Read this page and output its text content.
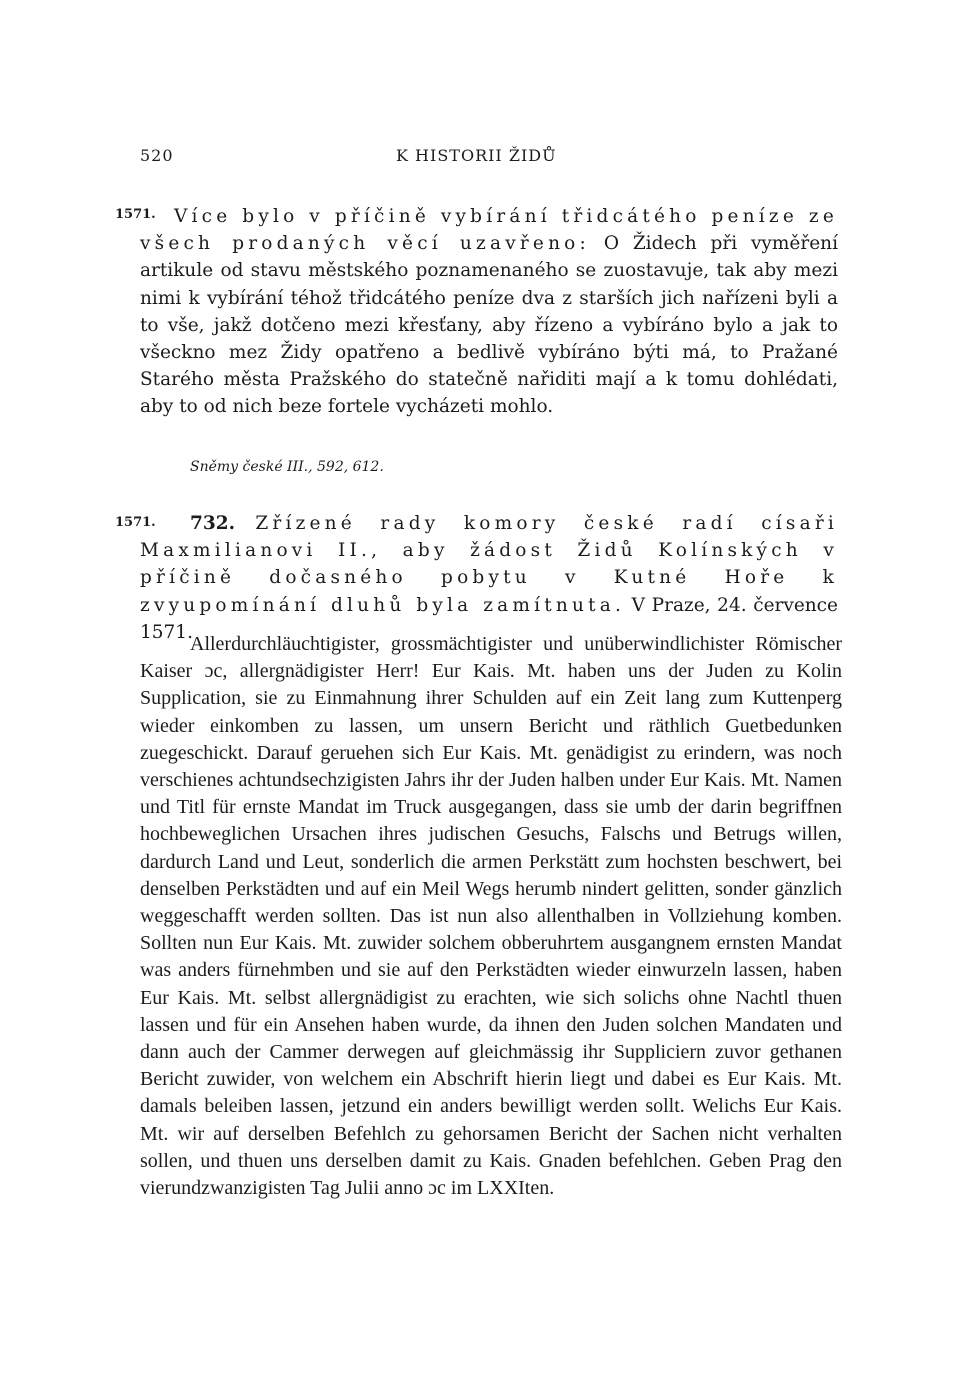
520	K HISTORII ŽIDŮ
1571. Více bylo v příčině vybírání třidcátého peníze ze všech prodaných věcí uzavřeno: O Židech při vyměření artikule od stavu městského poznamenaného se zuostavuje, tak aby mezi nimi k vybírání téhož třidcátého peníze dva z starších jich nařízeni byli a to vše, jakž dotčeno mezi křesťany, aby řízeno a vybíráno bylo a jak to všeckno mez Židy opatřeno a bedlivě vybíráno býti má, to Pražané Starého města Pražského do statečně nařiditi mají a k tomu dohlédati, aby to od nich beze fortele vycházeti mohlo.
Sněmy české III., 592, 612.
1571.	732. Zřízené rady komory české radí císaři Maxmilianovi II., aby žádost Židů Kolínských v příčině dočasného pobytu v Kutné Hoře k zvyupomínání dluhů byla zamítnuta. V Praze, 24. července 1571.
Allerdurchläuchtigister, grossmächtigister und unüberwindlichister Römischer Kaiser ɔc, allergnädigister Herr! Eur Kais. Mt. haben uns der Juden zu Kolin Supplication, sie zu Einmahnung ihrer Schulden auf ein Zeit lang zum Kuttenperg wieder einkomben zu lassen, um unsern Bericht und räthlich Guetbedunken zuegeschickt. Darauf geruehen sich Eur Kais. Mt. genädigist zu erindern, was noch verschienes achtundsechzigisten Jahrs ihr der Juden halben under Eur Kais. Mt. Namen und Titl für ernste Mandat im Truck ausgegangen, dass sie umb der darin begriffnen hochbeweglichen Ursachen ihres judischen Gesuchs, Falschs und Betrugs willen, dardurch Land und Leut, sonderlich die armen Perkstätt zum hochsten beschwert, bei denselben Perkstädten und auf ein Meil Wegs herumb nindert gelitten, sonder gänzlich weggeschafft werden sollten. Das ist nun also allenthalben in Vollziehung komben. Sollten nun Eur Kais. Mt. zuwider solchem obberuhrtem ausgangnem ernsten Mandat was anders fürnehmben und sie auf den Perkstädten wieder einwurzeln lassen, haben Eur Kais. Mt. selbst allergnädigist zu erachten, wie sich solichs ohne Nachtl thuen lassen und für ein Ansehen haben wurde, da ihnen den Juden solchen Mandaten und dann auch der Cammer derwegen auf gleichmässig ihr Suppliciern zuvor gethanen Bericht zuwider, von welchem ein Abschrift hierin liegt und dabei es Eur Kais. Mt. damals beleiben lassen, jetzund ein anders bewilligt werden sollt. Welichs Eur Kais. Mt. wir auf derselben Befehlch zu gehorsamen Bericht der Sachen nicht verhalten sollen, und thuen uns derselben damit zu Kais. Gnaden befehlchen. Geben Prag den vierundzwanzigisten Tag Julii anno ɔc im LXXIten.
